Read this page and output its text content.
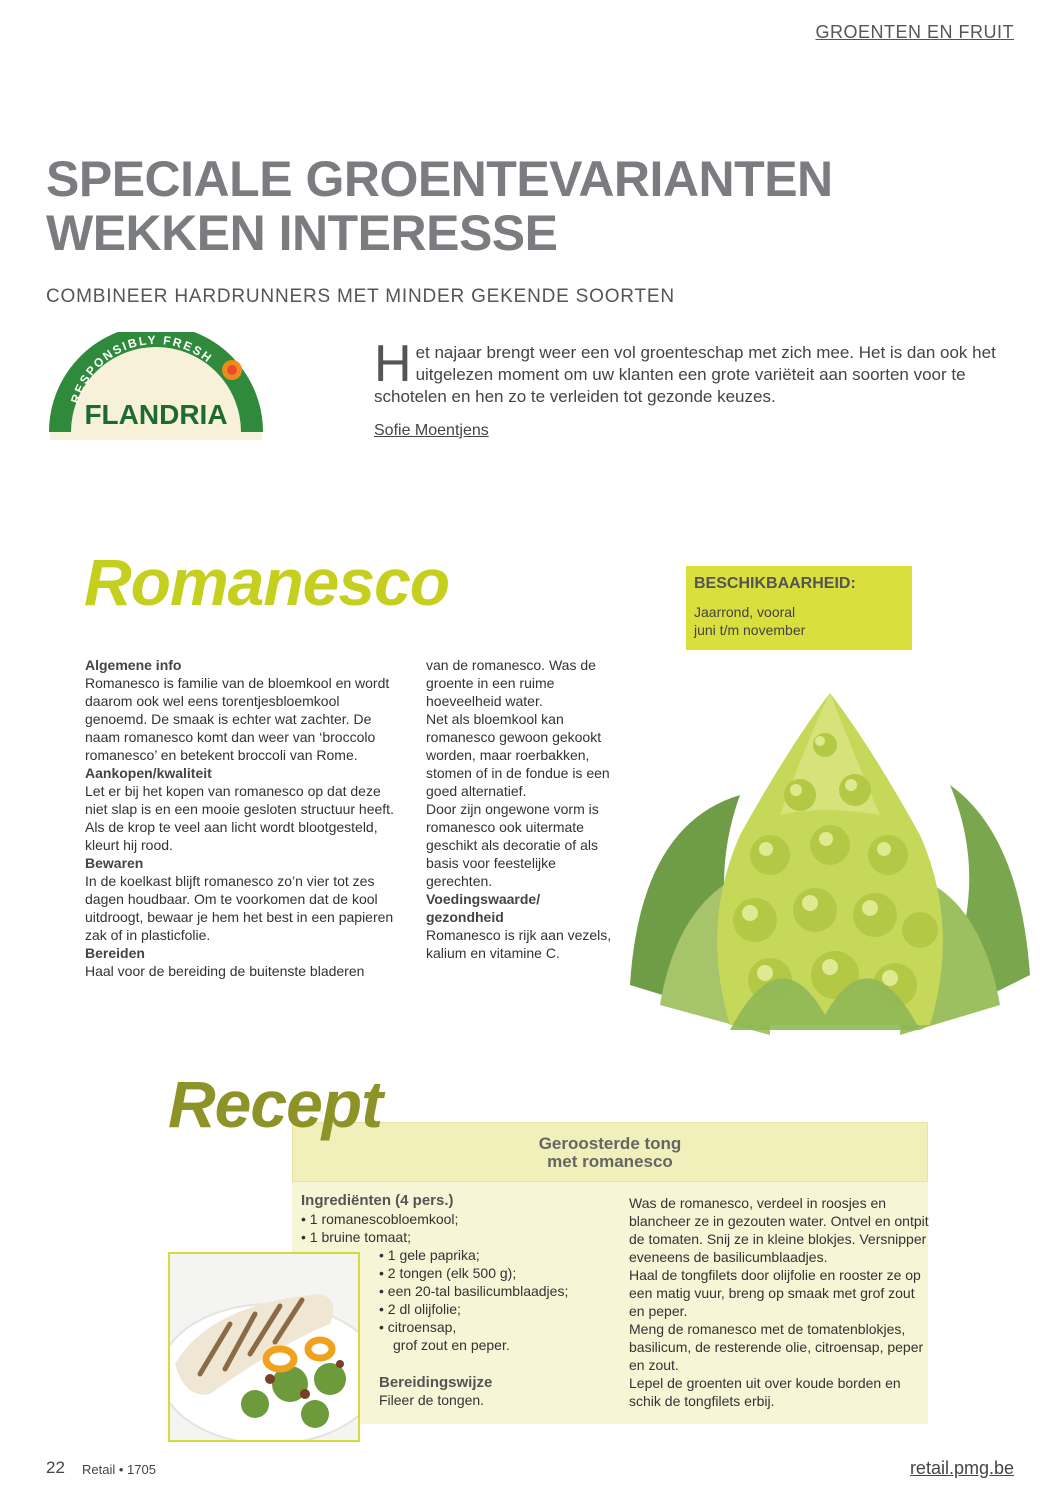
GROENTEN EN FRUIT
SPECIALE GROENTEVARIANTEN
WEKKEN INTERESSE
COMBINEER HARDRUNNERS MET MINDER GEKENDE SOORTEN
RESPONSIBLY FRESH
FLANDRIA

Het najaar brengt weer een vol groenteschap met zich mee. Het is dan ook het uitgelezen moment om uw klanten een grote variëteit aan soorten voor te schotelen en hen zo te verleiden tot gezonde keuzes.

Sofie Moentjens
Romanesco	BESCHIKBAARHEID:
Jaarrond, vooral
juni t/m november
Algemene info
Romanesco is familie van de bloemkool en wordt daarom ook wel eens torentjesbloemkool genoemd. De smaak is echter wat zachter. De naam romanesco komt dan weer van ‘broccolo romanesco’ en betekent broccoli van Rome.
Aankopen/kwaliteit
Let er bij het kopen van romanesco op dat deze niet slap is en een mooie gesloten structuur heeft. Als de krop te veel aan licht wordt blootgesteld, kleurt hij rood.
Bewaren
In de koelkast blijft romanesco zo’n vier tot zes dagen houdbaar. Om te voorkomen dat de kool uitdroogt, bewaar je hem het best in een papieren zak of in plasticfolie.
Bereiden
Haal voor de bereiding de buitenste bladeren
van de romanesco. Was de groente in een ruime hoeveelheid water.
Net als bloemkool kan romanesco gewoon gekookt worden, maar roerbakken, stomen of in de fondue is een goed alternatief.
Door zijn ongewone vorm is romanesco ook uitermate geschikt als decoratie of als basis voor feestelijke gerechten.
Voedingswaarde/ gezondheid
Romanesco is rijk aan vezels, kalium en vitamine C.
Geroosterde tong
met romanesco
Recept
Ingrediënten (4 pers.)
• 1 romanescobloemkool;
• 1 bruine tomaat;
• 1 gele paprika;
• 2 tongen (elk 500 g);
• een 20-tal basilicumblaadjes;
• 2 dl olijfolie;
• citroensap,
grof zout en peper.
Bereidingswijze
Fileer de tongen.
Was de romanesco, verdeel in roosjes en blancheer ze in gezouten water. Ontvel en ontpit de tomaten. Snij ze in kleine blokjes. Versnipper eveneens de basilicumblaadjes.
Haal de tongfilets door olijfolie en rooster ze op een matig vuur, breng op smaak met grof zout en peper.
Meng de romanesco met de tomatenblokjes, basilicum, de resterende olie, citroensap, peper en zout.
Lepel de groenten uit over koude borden en schik de tongfilets erbij.
22 Retail • 1705	retail.pmg.be
